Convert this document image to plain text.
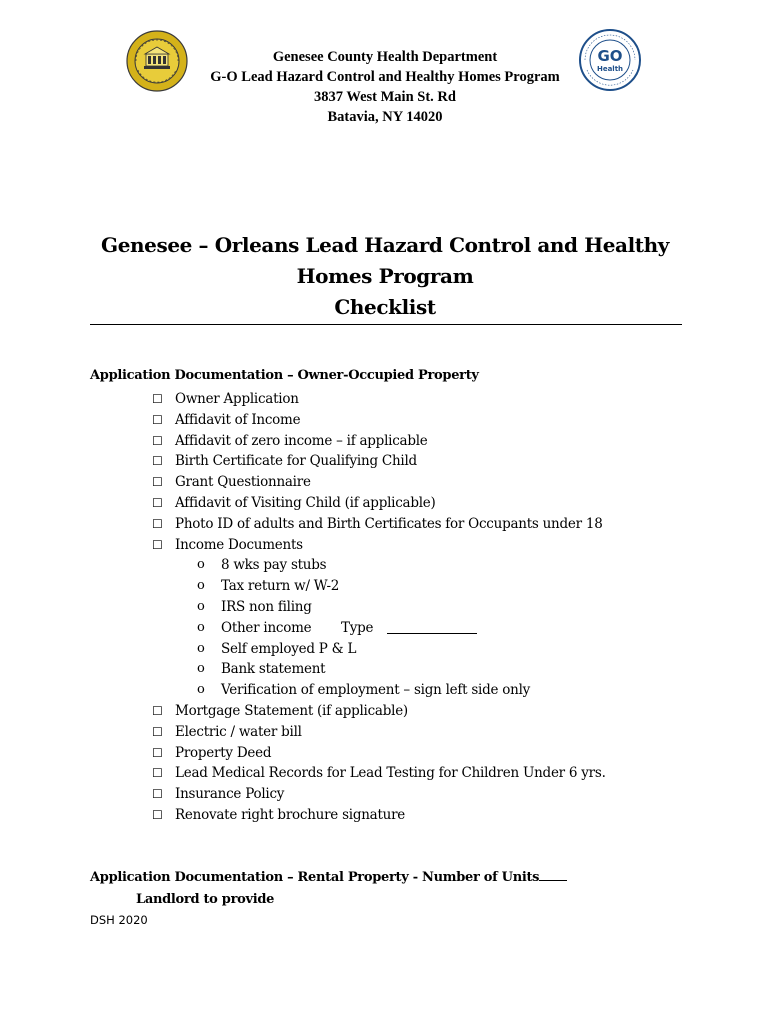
GO
Health
Genesee County Health Department
G-O Lead Hazard Control and Healthy Homes Program
3837 West Main St. Rd
Batavia, NY 14020
Genesee – Orleans Lead Hazard Control and Healthy
Homes Program
Checklist
Application Documentation – Owner-Occupied Property
☐ Owner Application
☐ Affidavit of Income
☐ Affidavit of zero income – if applicable
☐ Birth Certificate for Qualifying Child
☐ Grant Questionnaire
☐ Affidavit of Visiting Child (if applicable)
☐ Photo ID of adults and Birth Certificates for Occupants under 18
☐ Income Documents
o 8 wks pay stubs
o Tax return w/ W-2
o IRS non filing
o Other income Type
o Self employed P & L
o Bank statement
o Verification of employment – sign left side only
☐ Mortgage Statement (if applicable)
☐ Electric / water bill
☐ Property Deed
☐ Lead Medical Records for Lead Testing for Children Under 6 yrs.
☐ Insurance Policy
☐ Renovate right brochure signature
Application Documentation – Rental Property - Number of Units
Landlord to provide
DSH 2020
